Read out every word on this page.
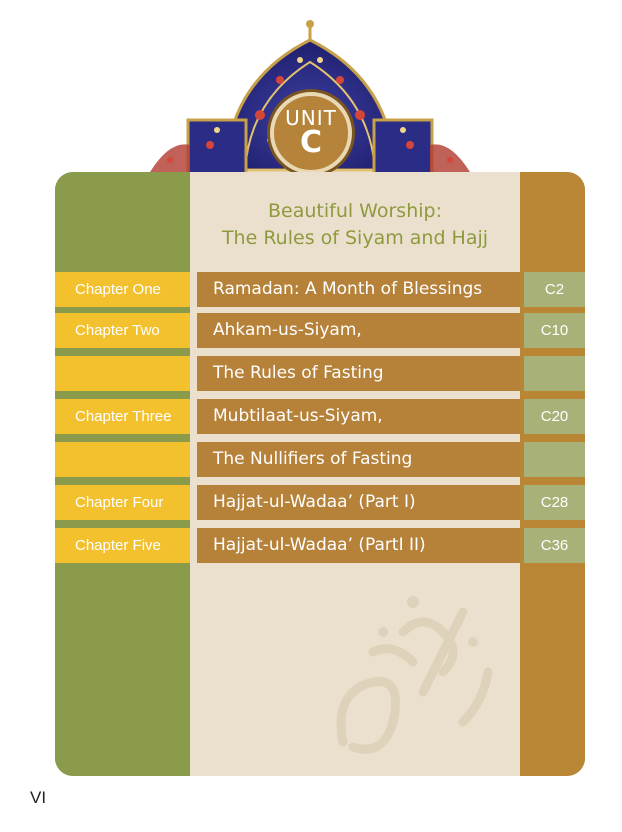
UNIT
C
Beautiful Worship:
The Rules of Siyam and Hajj
Chapter One	Ramadan: A Month of Blessings	C2
Chapter Two	Ahkam-us-Siyam,	C10
The Rules of Fasting
Chapter Three	Mubtilaat-us-Siyam,	C20
The Nullifiers of Fasting
Chapter Four	Hajjat-ul-Wadaa’ (Part I)	C28
Chapter Five	Hajjat-ul-Wadaa’ (PartI II)	C36
VI
